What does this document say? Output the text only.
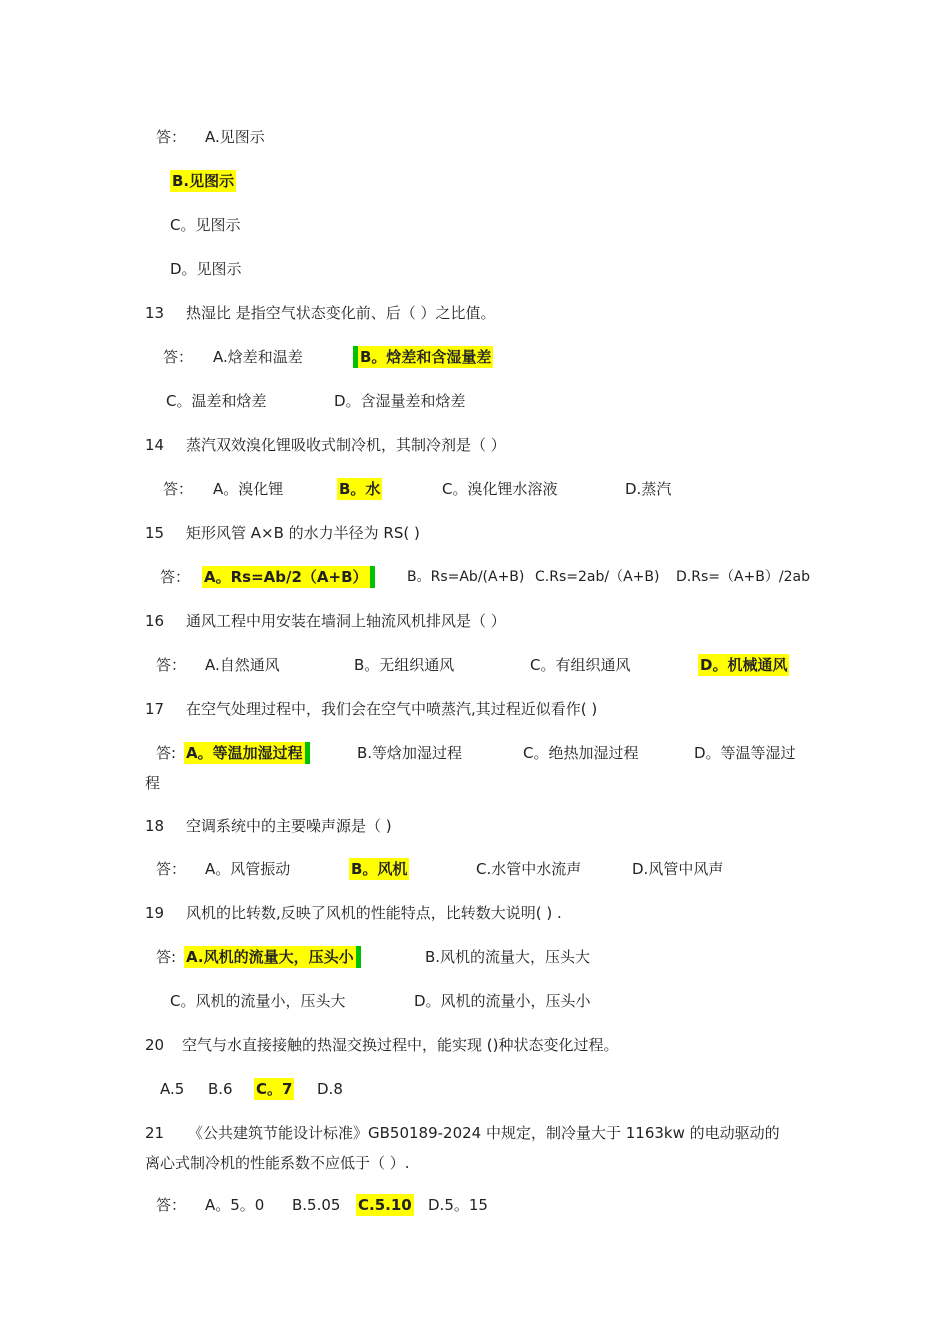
答： A.见图示
B.见图示
C。见图示
D。见图示
13 热湿比 是指空气状态变化前、后（ ）之比值。
答： A.焓差和温差	B。焓差和含湿量差
C。温差和焓差	D。含湿量差和焓差
14 蒸汽双效溴化锂吸收式制冷机，其制冷剂是（ ）
答： A。溴化锂	B。水	C。溴化锂水溶液	D.蒸汽
15 矩形风管 A×B 的水力半径为 RS( )
答： A。Rs=Ab/2（A+B）	B。Rs=Ab/(A+B) C.Rs=2ab/（A+B) D.Rs=（A+B）/2ab
16 通风工程中用安装在墙洞上轴流风机排风是（ ）
答： A.自然通风	B。无组织通风	C。有组织通风	D。机械通风
17 在空气处理过程中，我们会在空气中喷蒸汽,其过程近似看作( )
答: A。等温加湿过程	B.等焓加湿过程	C。绝热加湿过程	D。等温等湿过
程
18 空调系统中的主要噪声源是（ )
答： A。风管振动	B。风机	C.水管中水流声	D.风管中风声
19 风机的比转数,反映了风机的性能特点，比转数大说明( ) .
答: A.风机的流量大，压头小	B.风机的流量大，压头大
C。风机的流量小，压头大	D。风机的流量小，压头小
20 空气与水直接接触的热湿交换过程中，能实现 ()种状态变化过程。
A.5 B.6 C。7 D.8
21 《公共建筑节能设计标准》GB50189-2024 中规定，制冷量大于 1163kw 的电动驱动的
离心式制冷机的性能系数不应低于（ ）.
答： A。5。0 B.5.05 C.5.10 D.5。15
